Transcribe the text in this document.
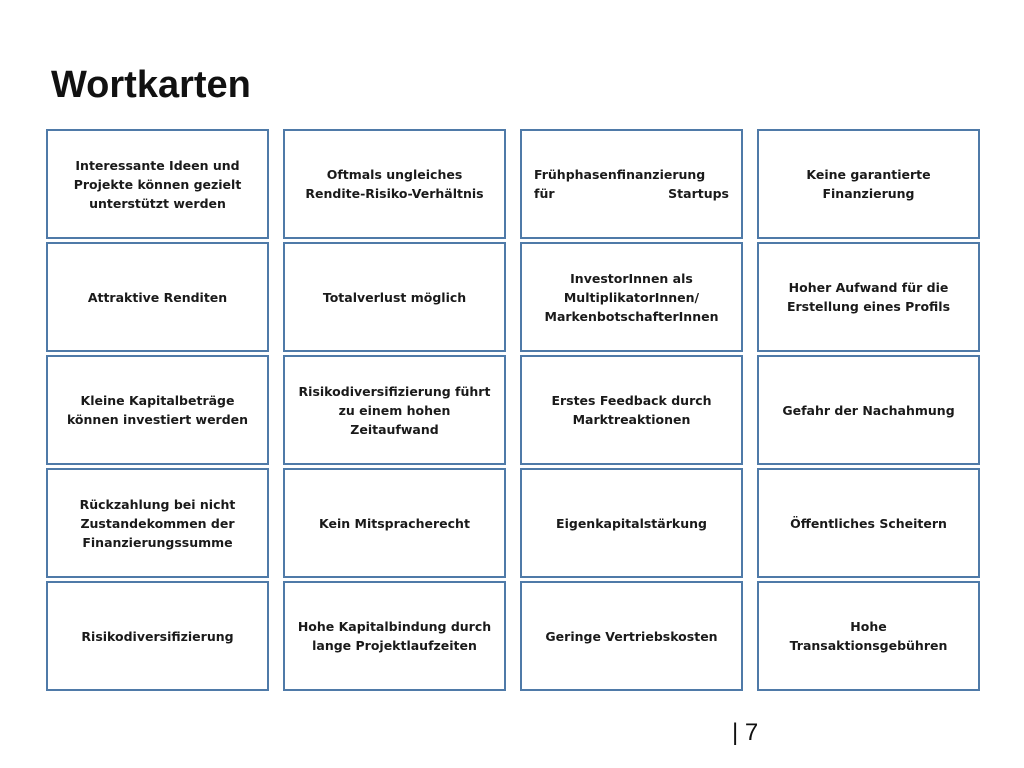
Wortkarten
Interessante Ideen und Projekte können gezielt unterstützt werden
Oftmals ungleiches Rendite-Risiko-Verhältnis
Frühphasenfinanzierung für Startups
Keine garantierte Finanzierung
Attraktive Renditen	Totalverlust möglich
InvestorInnen als MultiplikatorInnen/ MarkenbotschafterInnen
Hoher Aufwand für die Erstellung eines Profils
Kleine Kapitalbeträge können investiert werden
Risikodiversifizierung führt zu einem hohen Zeitaufwand
Erstes Feedback durch Marktreaktionen
Gefahr der Nachahmung
Rückzahlung bei nicht Zustandekommen der Finanzierungssumme
Kein Mitspracherecht	Eigenkapitalstärkung	Öffentliches Scheitern
Risikodiversifizierung
Hohe Kapitalbindung durch lange Projektlaufzeiten
Geringe Vertriebskosten
Hohe Transaktionsgebühren
| 7
